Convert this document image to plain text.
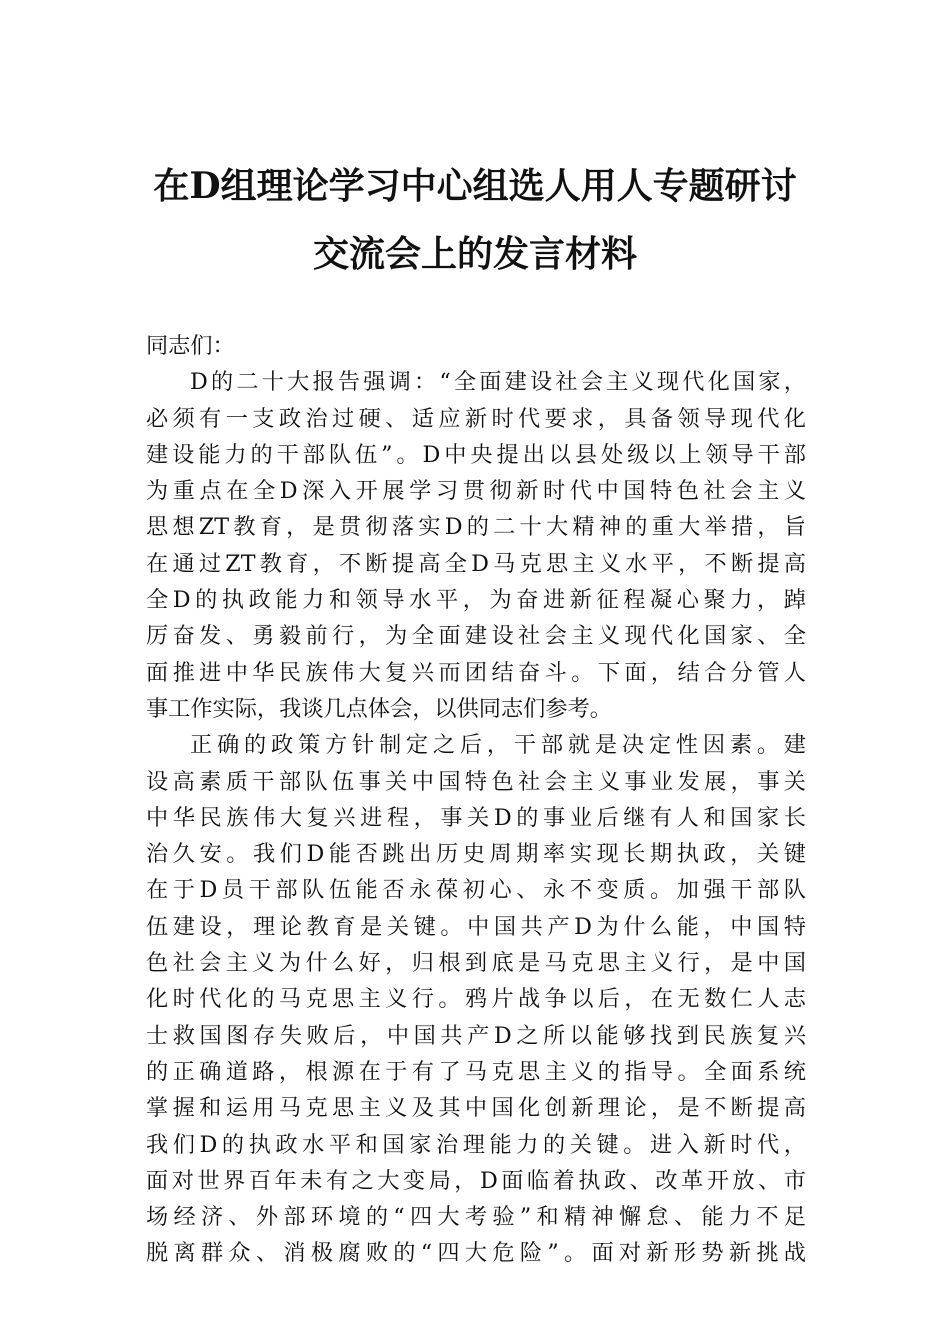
在D组理论学习中心组选人用人专题研讨
交流会上的发言材料
同志们：
D的二十大报告强调：“全面建设社会主义现代化国家，
必须有一支政治过硬、适应新时代要求，具备领导现代化
建设能力的干部队伍”。D中央提出以县处级以上领导干部
为重点在全D深入开展学习贯彻新时代中国特色社会主义
思想ZT教育，是贯彻落实D的二十大精神的重大举措，旨
在通过ZT教育，不断提高全D马克思主义水平，不断提高
全D的执政能力和领导水平，为奋进新征程凝心聚力，踔
厉奋发、勇毅前行，为全面建设社会主义现代化国家、全
面推进中华民族伟大复兴而团结奋斗。下面，结合分管人
事工作实际，我谈几点体会，以供同志们参考。
正确的政策方针制定之后，干部就是决定性因素。建
设高素质干部队伍事关中国特色社会主义事业发展，事关
中华民族伟大复兴进程，事关D的事业后继有人和国家长
治久安。我们D能否跳出历史周期率实现长期执政，关键
在于D员干部队伍能否永葆初心、永不变质。加强干部队
伍建设，理论教育是关键。中国共产D为什么能，中国特
色社会主义为什么好，归根到底是马克思主义行，是中国
化时代化的马克思主义行。鸦片战争以后，在无数仁人志
士救国图存失败后，中国共产D之所以能够找到民族复兴
的正确道路，根源在于有了马克思主义的指导。全面系统
掌握和运用马克思主义及其中国化创新理论，是不断提高
我们D的执政水平和国家治理能力的关键。进入新时代，
面对世界百年未有之大变局，D面临着执政、改革开放、市
场经济、外部环境的“四大考验”和精神懈怠、能力不足
脱离群众、消极腐败的“四大危险”。面对新形势新挑战
